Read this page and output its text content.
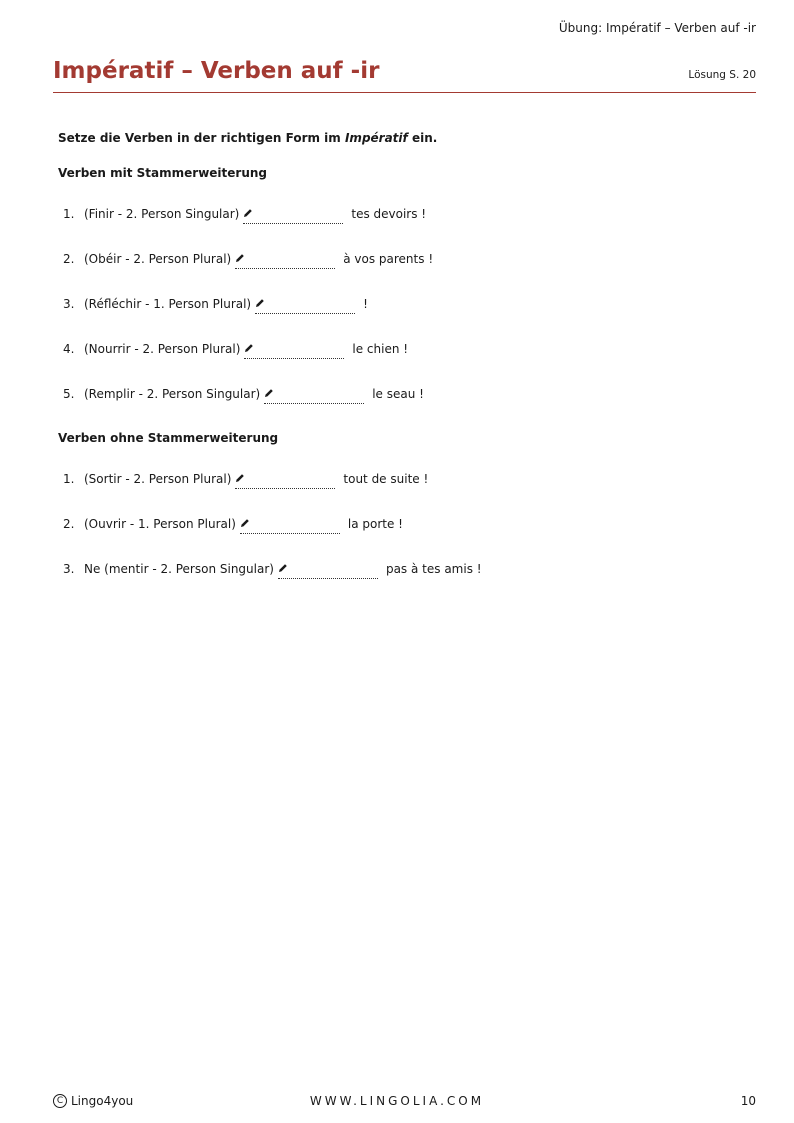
Übung: Impératif – Verben auf -ir
Impératif – Verben auf -ir	Lösung S. 20
Setze die Verben in der richtigen Form im Impératif ein.
Verben mit Stammerweiterung
1. (Finir - 2. Person Singular)	tes devoirs !
2. (Obéir - 2. Person Plural)	à vos parents !
3. (Réfléchir - 1. Person Plural)	!
4. (Nourrir - 2. Person Plural)	le chien !
5. (Remplir - 2. Person Singular)	le seau !
Verben ohne Stammerweiterung
1. (Sortir - 2. Person Plural)	tout de suite !
2. (Ouvrir - 1. Person Plural)	la porte !
3. Ne (mentir - 2. Person Singular)	pas à tes amis !
C Lingo4you	WWW.LINGOLIA.COM	10
